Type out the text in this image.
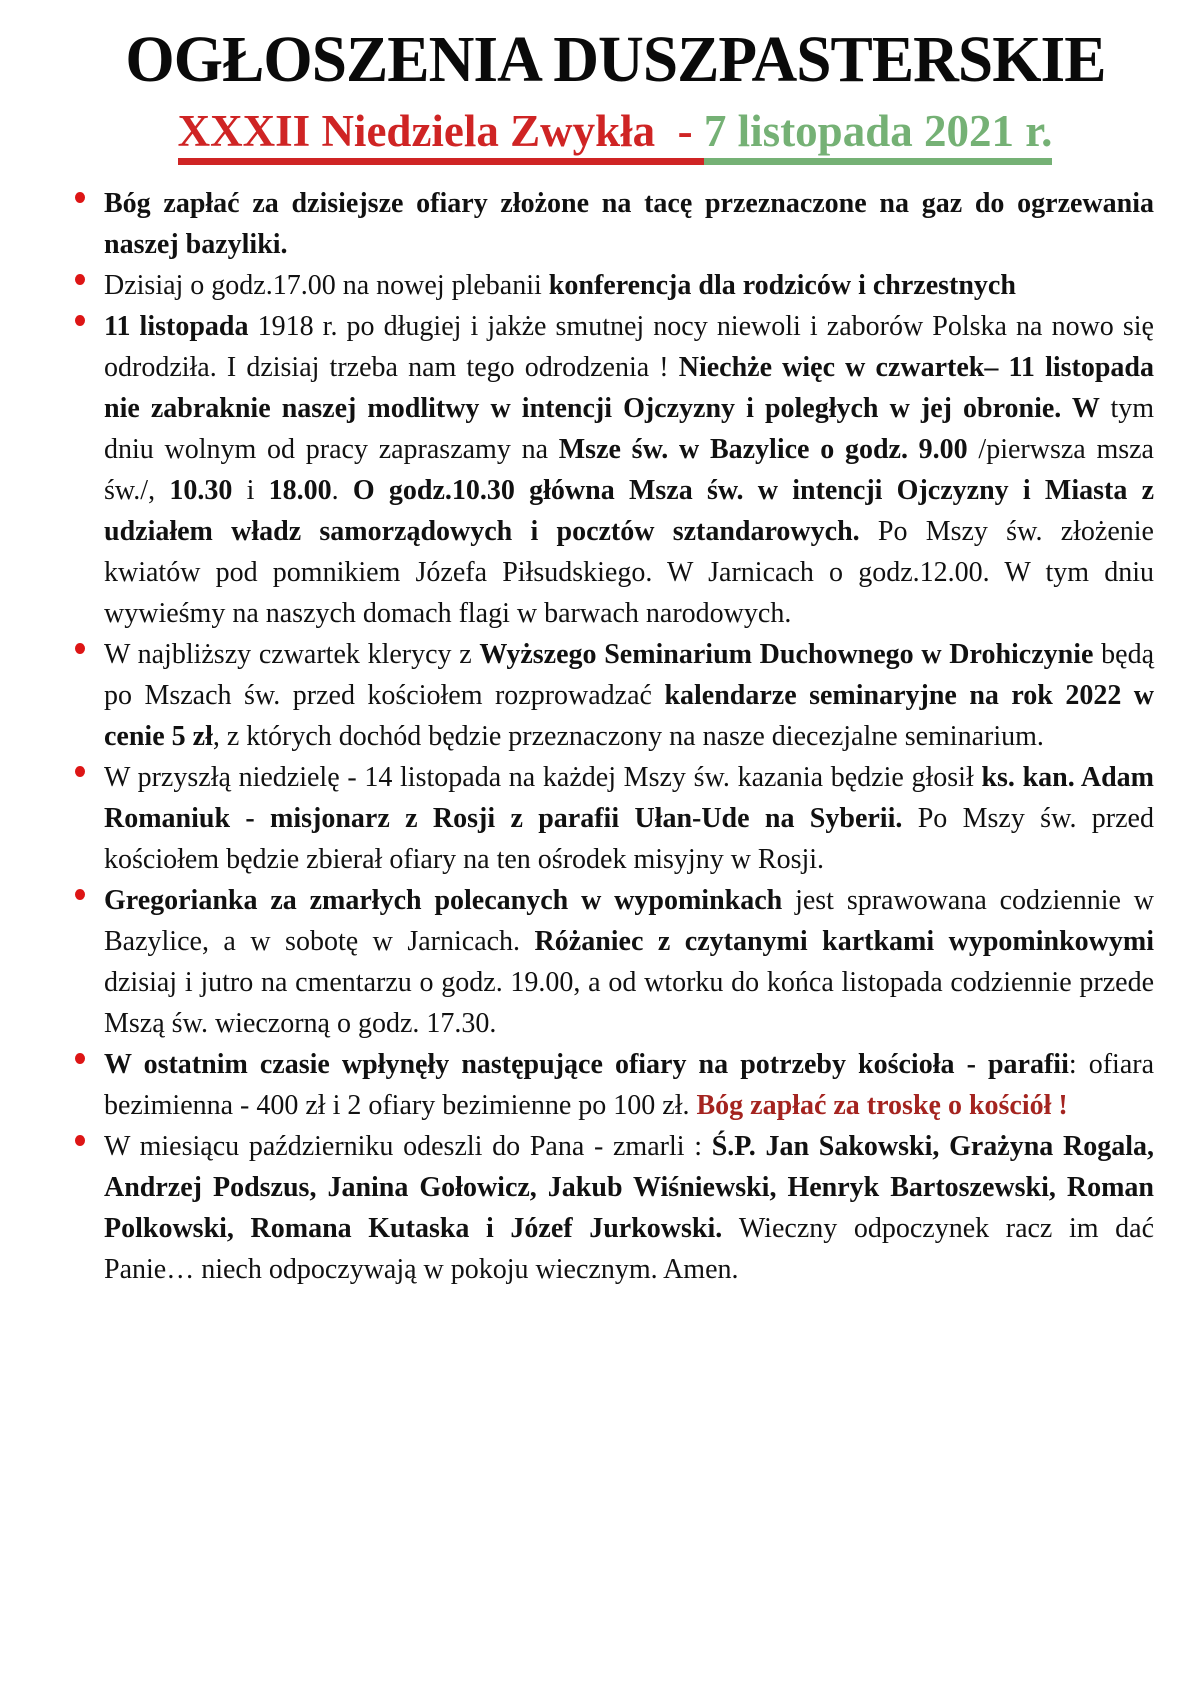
OGŁOSZENIA DUSZPASTERSKIE
XXXII Niedziela Zwykła  - 7 listopada 2021 r.
Bóg zapłać za dzisiejsze ofiary złożone na tacę przeznaczone na gaz do ogrzewania naszej bazyliki.
Dzisiaj o godz.17.00 na nowej plebanii konferencja dla rodziców i chrzestnych
11 listopada 1918 r. po długiej i jakże smutnej nocy niewoli i zaborów Polska na nowo się odrodziła. I dzisiaj trzeba nam tego odrodzenia ! Niechże więc w czwartek– 11 listopada nie zabraknie naszej modlitwy w intencji Ojczyzny i poległych w jej obronie. W tym dniu wolnym od pracy zapraszamy na Msze św. w Bazylice o godz. 9.00 /pierwsza msza św./, 10.30 i 18.00. O godz.10.30 główna Msza św. w intencji Ojczyzny i Miasta z udziałem władz samorządowych i pocztów sztandarowych. Po Mszy św. złożenie kwiatów pod pomnikiem Józefa Piłsudskiego. W Jarnicach o godz.12.00. W tym dniu wywieśmy na naszych domach flagi w barwach narodowych.
W najbliższy czwartek klerycy z Wyższego Seminarium Duchownego w Drohiczynie będą po Mszach św. przed kościołem rozprowadzać kalendarze seminaryjne na rok 2022 w cenie 5 zł, z których dochód będzie przeznaczony na nasze diecezjalne seminarium.
W przyszłą niedzielę - 14 listopada na każdej Mszy św. kazania będzie głosił ks. kan. Adam Romaniuk - misjonarz z Rosji z parafii Ułan-Ude na Syberii. Po Mszy św. przed kościołem będzie zbierał ofiary na ten ośrodek misyjny w Rosji.
Gregorianka za zmarłych polecanych w wypominkach jest sprawowana codziennie w Bazylice, a w sobotę w Jarnicach. Różaniec z czytanymi kartkami wypominkowymi dzisiaj i jutro na cmentarzu o godz. 19.00, a od wtorku do końca listopada codziennie przede Mszą św. wieczorną o godz. 17.30.
W ostatnim czasie wpłynęły następujące ofiary na potrzeby kościoła - parafii: ofiara bezimienna - 400 zł i 2 ofiary bezimienne po 100 zł. Bóg zapłać za troskę o kościół !
W miesiącu październiku odeszli do Pana - zmarli : Ś.P. Jan Sakowski, Grażyna Rogala, Andrzej Podszus, Janina Gołowicz, Jakub Wiśniewski, Henryk Bartoszewski, Roman Polkowski, Romana Kutaska i Józef Jurkowski. Wieczny odpoczynek racz im dać Panie… niech odpoczywają w pokoju wiecznym. Amen.
